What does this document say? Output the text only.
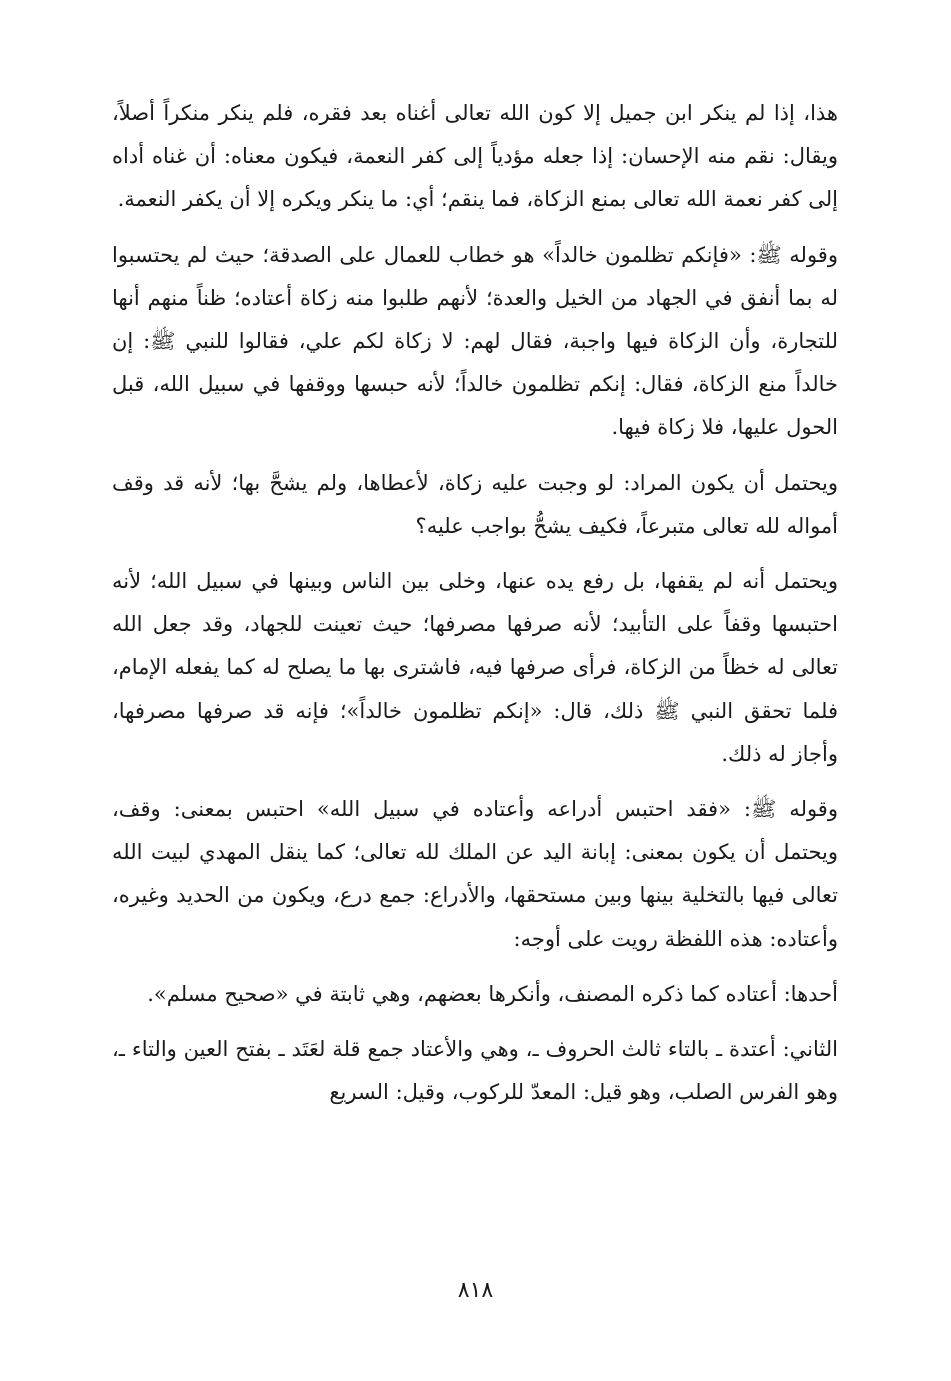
هذا، إذا لم ينكر ابن جميل إلا كون الله تعالى أغناه بعد فقره، فلم ينكر منكراً أصلاً، ويقال: نقم منه الإحسان: إذا جعله مؤدياً إلى كفر النعمة، فيكون معناه: أن غناه أداه إلى كفر نعمة الله تعالى بمنع الزكاة، فما ينقم؛ أي: ما ينكر ويكره إلا أن يكفر النعمة.

وقوله ﷺ: «فإنكم تظلمون خالداً» هو خطاب للعمال على الصدقة؛ حيث لم يحتسبوا له بما أنفق في الجهاد من الخيل والعدة؛ لأنهم طلبوا منه زكاة أعتاده؛ ظناً منهم أنها للتجارة، وأن الزكاة فيها واجبة، فقال لهم: لا زكاة لكم علي، فقالوا للنبي ﷺ: إن خالداً منع الزكاة، فقال: إنكم تظلمون خالداً؛ لأنه حبسها ووقفها في سبيل الله، قبل الحول عليها، فلا زكاة فيها.

ويحتمل أن يكون المراد: لو وجبت عليه زكاة، لأعطاها، ولم يشحَّ بها؛ لأنه قد وقف أمواله لله تعالى متبرعاً، فكيف يشحُّ بواجب عليه؟

ويحتمل أنه لم يقفها، بل رفع يده عنها، وخلى بين الناس وبينها في سبيل الله؛ لأنه احتبسها وقفاً على التأبيد؛ لأنه صرفها مصرفها؛ حيث تعينت للجهاد، وقد جعل الله تعالى له خظاً من الزكاة، فرأى صرفها فيه، فاشترى بها ما يصلح له كما يفعله الإمام، فلما تحقق النبي ﷺ ذلك، قال: «إنكم تظلمون خالداً»؛ فإنه قد صرفها مصرفها، وأجاز له ذلك.

وقوله ﷺ: «فقد احتبس أدراعه وأعتاده في سبيل الله» احتبس بمعنى: وقف، ويحتمل أن يكون بمعنى: إبانة اليد عن الملك لله تعالى؛ كما ينقل المهدي لبيت الله تعالى فيها بالتخلية بينها وبين مستحقها، والأدراع: جمع درع، ويكون من الحديد وغيره، وأعتاده: هذه اللفظة رويت على أوجه:

أحدها: أعتاده كما ذكره المصنف، وأنكرها بعضهم، وهي ثابتة في «صحيح مسلم».

الثاني: أعتدة ـ بالتاء ثالث الحروف ـ، وهي والأعتاد جمع قلة لعَتَد ـ بفتح العين والتاء ـ، وهو الفرس الصلب، وهو قيل: المعدّ للركوب، وقيل: السريع

٨١٨
